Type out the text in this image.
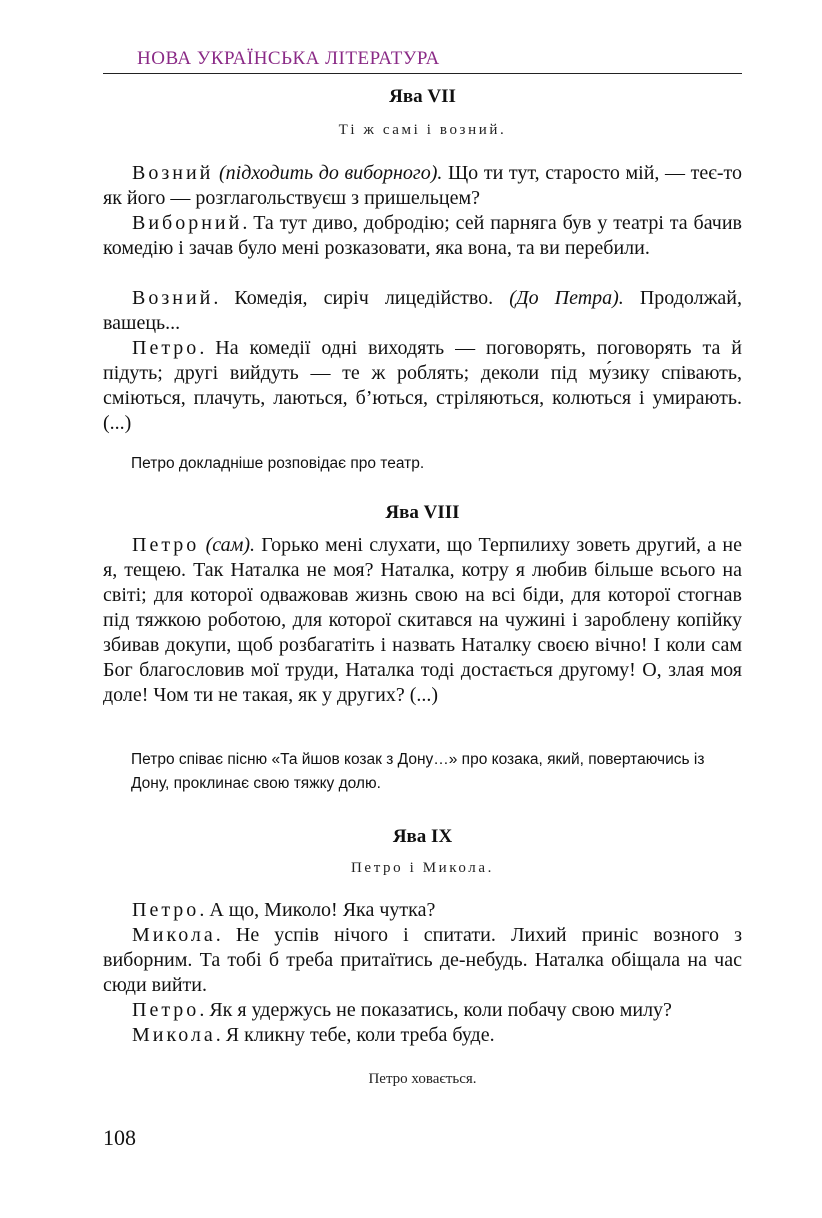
НОВА УКРАЇНСЬКА ЛІТЕРАТУРА
Ява VII
Ті ж самі і возний.
Возний (підходить до виборного). Що ти тут, старосто мій, — теє-то як його — розглагольствуєш з пришельцем?
Виборний. Та тут диво, добродію; сей парняга був у театрі та бачив комедію і зачав було мені розказовати, яка вона, та ви перебили.
Возний. Комедія, сиріч лицедійство. (До Петра). Продолжай, вашець...
Петро. На комедії одні виходять — поговорять, поговорять та й підуть; другі вийдуть — те ж роблять; деколи під му́зику співають, сміються, плачуть, лаються, б’ються, стріляються, колються і умирають. (...)
Петро докладніше розповідає про театр.
Ява VIII
Петро (сам). Горько мені слухати, що Терпилиху зоветь другий, а не я, тещею. Так Наталка не моя? Наталка, котру я любив більше всього на світі; для которої одважовав жизнь свою на всі біди, для которої стогнав під тяжкою роботою, для которої скитався на чужині і зароблену копійку збивав докупи, щоб розбагатіть і назвать Наталку своєю вічно! І коли сам Бог благословив мої труди, Наталка тоді достається другому! О, злая моя доле! Чом ти не такая, як у других? (...)
Петро співає пісню «Та йшов козак з Дону…» про козака, який, повертаючись із Дону, проклинає свою тяжку долю.
Ява IX
Петро і Микола.
Петро. А що, Миколо! Яка чутка?
Микола. Не успів нічого і спитати. Лихий приніс возного з виборним. Та тобі б треба притаїтись де-небудь. Наталка обіщала на час сюди вийти.
Петро. Як я удержусь не показатись, коли побачу свою милу?
Микола. Я кликну тебе, коли треба буде.
Петро ховається.
108
